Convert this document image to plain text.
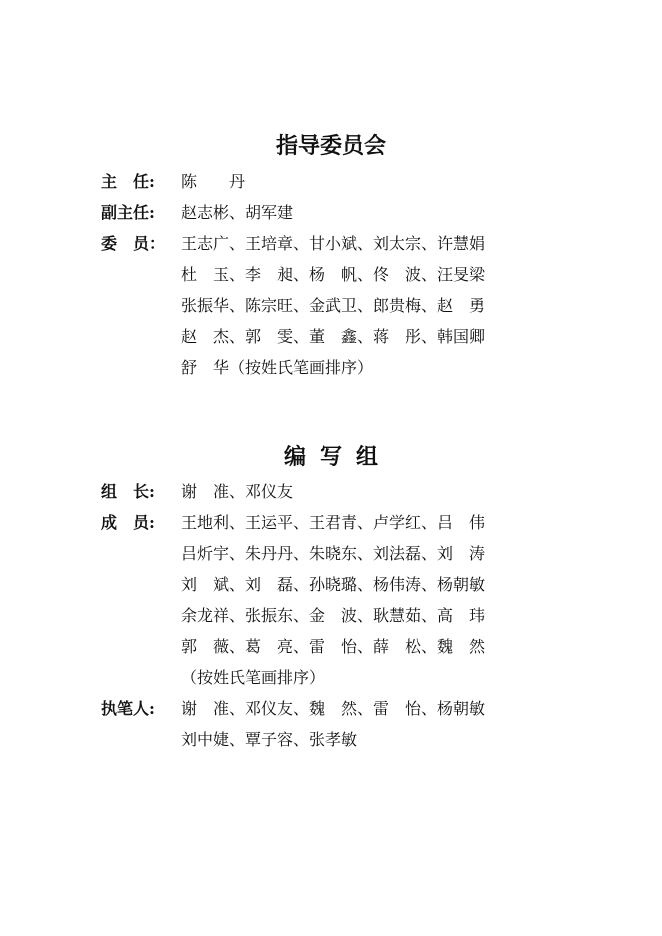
指导委员会
主　任:	陈　　丹
副主任:	赵志彬、胡军建
委　员： 王志广、王培章、甘小斌、刘太宗、许慧娟
杜　玉、李　昶、杨　帆、佟　波、汪旻梁
张振华、陈宗旺、金武卫、郎贵梅、赵　勇
赵　杰、郭　雯、董　鑫、蒋　彤、韩国卿
舒　华（按姓氏笔画排序）
编写组
组　长:	谢　准、邓仪友
成　员:	王地利、王运平、王君青、卢学红、吕　伟
吕炘宇、朱丹丹、朱晓东、刘法磊、刘　涛
刘　斌、刘　磊、孙晓璐、杨伟涛、杨朝敏
余龙祥、张振东、金　波、耿慧茹、高　玮
郭　薇、葛　亮、雷　怡、薛　松、魏　然
（按姓氏笔画排序）
执笔人:	谢　准、邓仪友、魏　然、雷　怡、杨朝敏
刘中婕、覃子容、张孝敏
